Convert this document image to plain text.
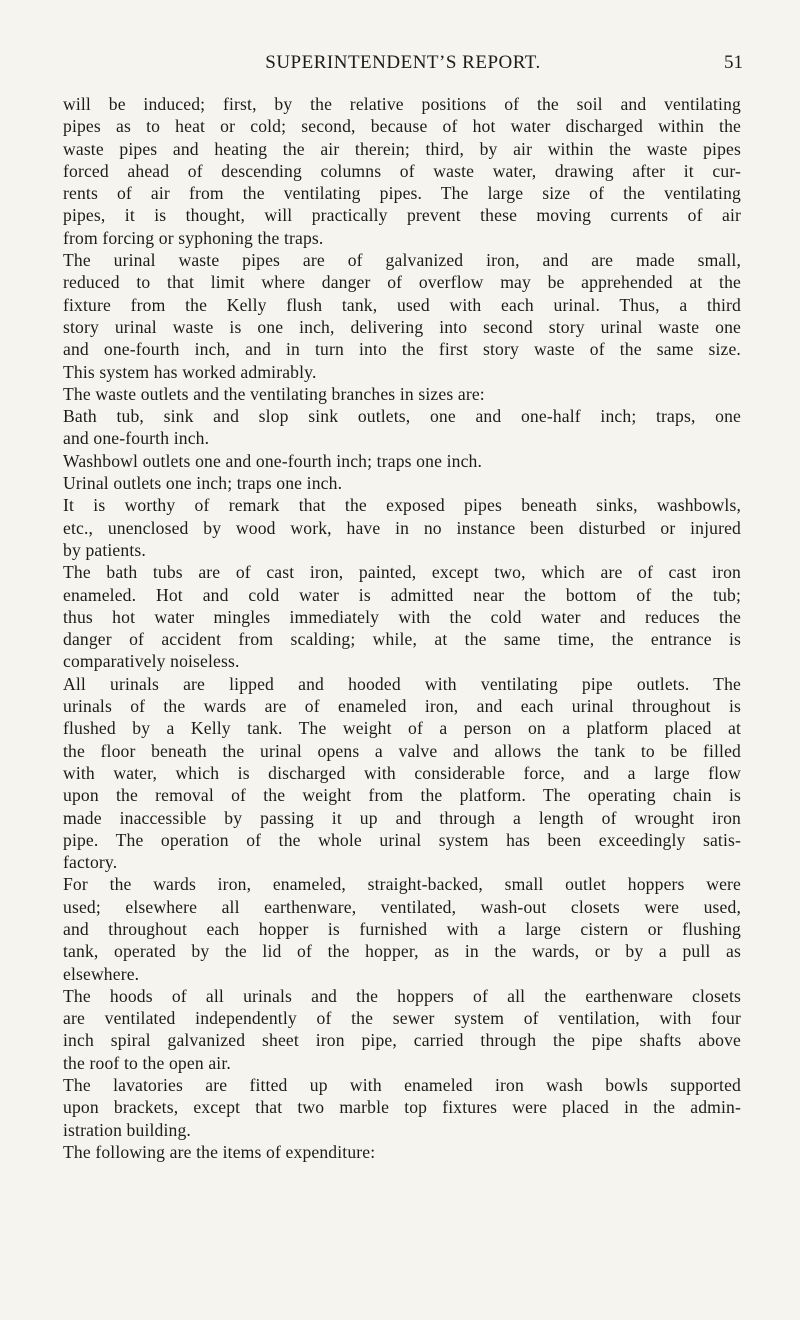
SUPERINTENDENT’S REPORT.	51
will be induced; first, by the relative positions of the soil and ventilating
pipes as to heat or cold; second, because of hot water discharged within the
waste pipes and heating the air therein; third, by air within the waste pipes
forced ahead of descending columns of waste water, drawing after it cur-
rents of air from the ventilating pipes. The large size of the ventilating
pipes, it is thought, will practically prevent these moving currents of air
from forcing or syphoning the traps.
The urinal waste pipes are of galvanized iron, and are made small,
reduced to that limit where danger of overflow may be apprehended at the
fixture from the Kelly flush tank, used with each urinal. Thus, a third
story urinal waste is one inch, delivering into second story urinal waste one
and one-fourth inch, and in turn into the first story waste of the same size.
This system has worked admirably.
The waste outlets and the ventilating branches in sizes are:
Bath tub, sink and slop sink outlets, one and one-half inch; traps, one
and one-fourth inch.
Washbowl outlets one and one-fourth inch; traps one inch.
Urinal outlets one inch; traps one inch.
It is worthy of remark that the exposed pipes beneath sinks, washbowls,
etc., unenclosed by wood work, have in no instance been disturbed or injured
by patients.
The bath tubs are of cast iron, painted, except two, which are of cast iron
enameled. Hot and cold water is admitted near the bottom of the tub;
thus hot water mingles immediately with the cold water and reduces the
danger of accident from scalding; while, at the same time, the entrance is
comparatively noiseless.
All urinals are lipped and hooded with ventilating pipe outlets. The
urinals of the wards are of enameled iron, and each urinal throughout is
flushed by a Kelly tank. The weight of a person on a platform placed at
the floor beneath the urinal opens a valve and allows the tank to be filled
with water, which is discharged with considerable force, and a large flow
upon the removal of the weight from the platform. The operating chain is
made inaccessible by passing it up and through a length of wrought iron
pipe. The operation of the whole urinal system has been exceedingly satis-
factory.
For the wards iron, enameled, straight-backed, small outlet hoppers were
used; elsewhere all earthenware, ventilated, wash-out closets were used,
and throughout each hopper is furnished with a large cistern or flushing
tank, operated by the lid of the hopper, as in the wards, or by a pull as
elsewhere.
The hoods of all urinals and the hoppers of all the earthenware closets
are ventilated independently of the sewer system of ventilation, with four
inch spiral galvanized sheet iron pipe, carried through the pipe shafts above
the roof to the open air.
The lavatories are fitted up with enameled iron wash bowls supported
upon brackets, except that two marble top fixtures were placed in the admin-
istration building.
The following are the items of expenditure:
